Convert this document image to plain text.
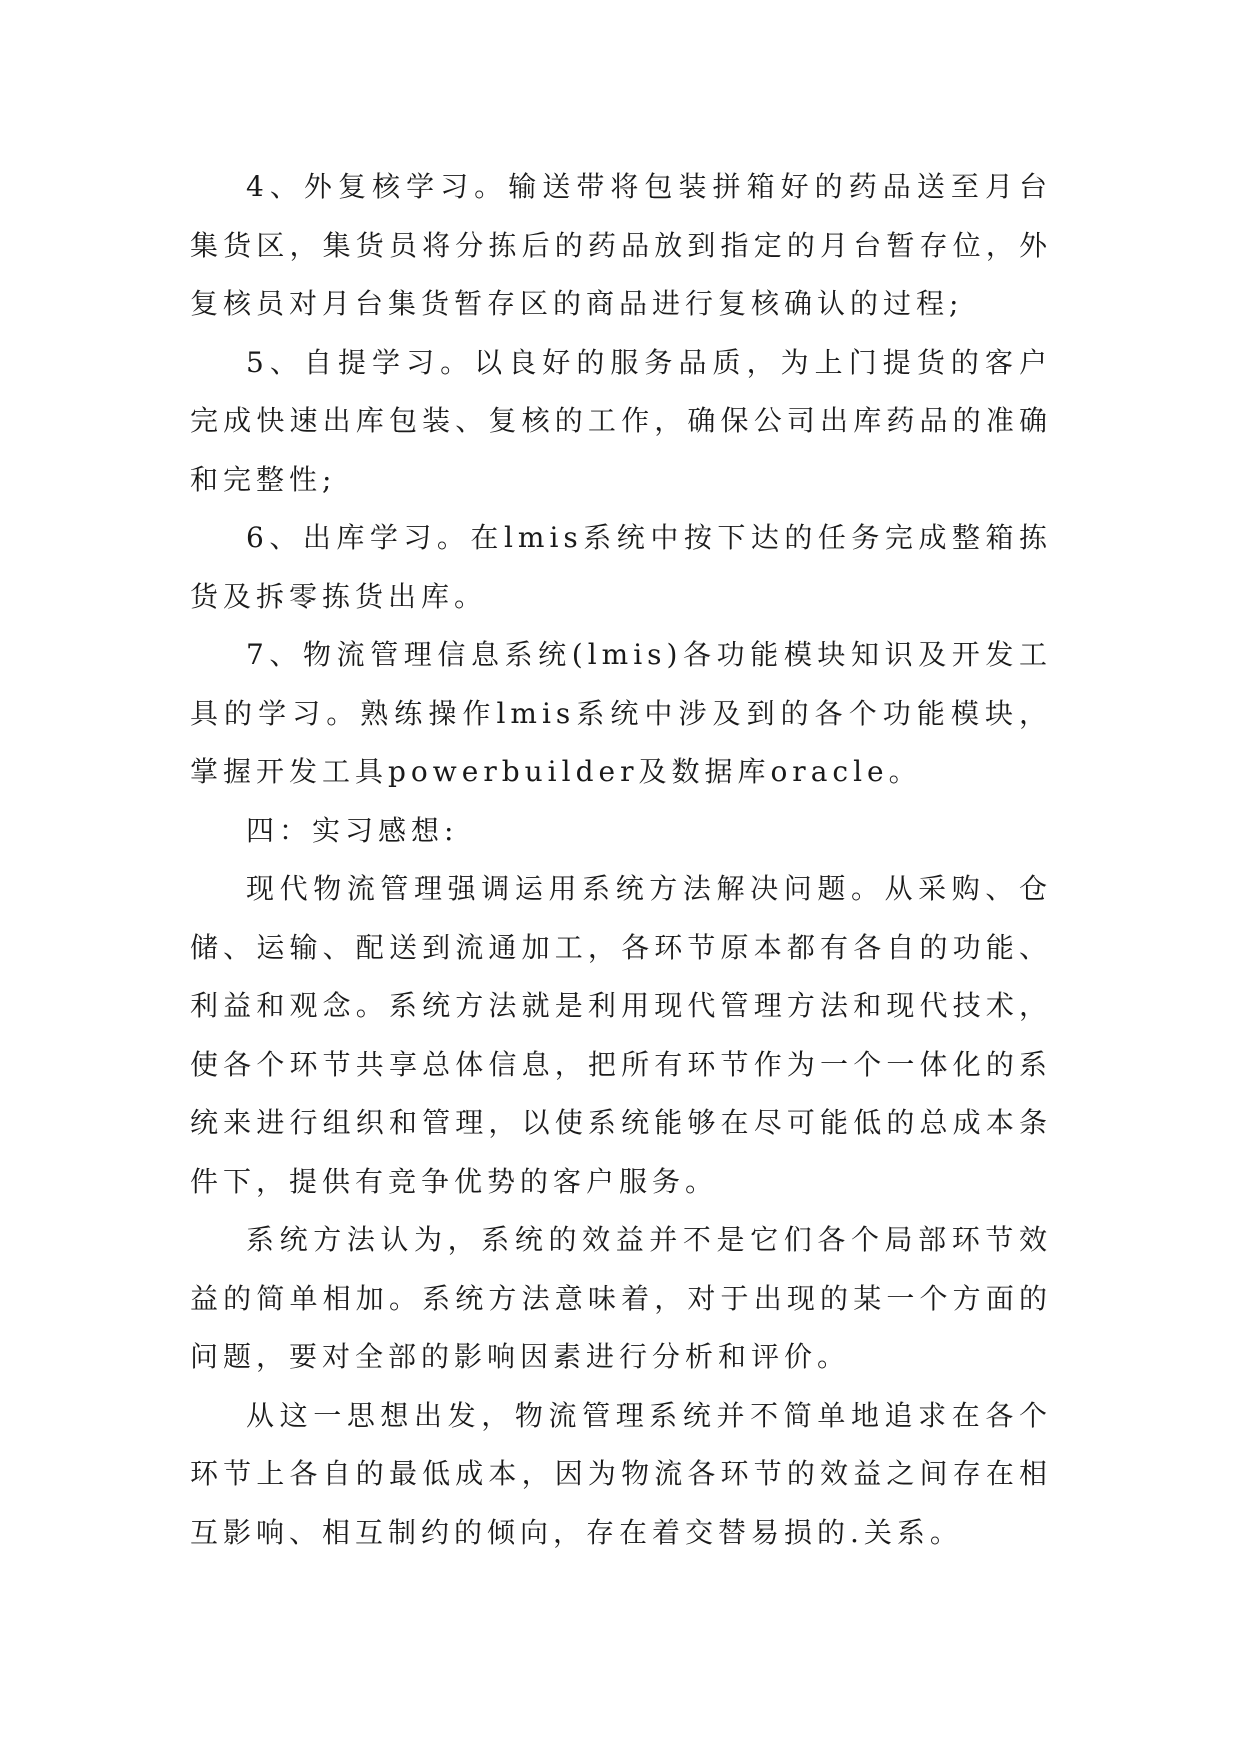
4、外复核学习。输送带将包装拼箱好的药品送至月台集货区，集货员将分拣后的药品放到指定的月台暂存位，外复核员对月台集货暂存区的商品进行复核确认的过程;

5、自提学习。以良好的服务品质，为上门提货的客户完成快速出库包装、复核的工作，确保公司出库药品的准确和完整性;

6、出库学习。在lmis系统中按下达的任务完成整箱拣货及拆零拣货出库。

7、物流管理信息系统(lmis)各功能模块知识及开发工具的学习。熟练操作lmis系统中涉及到的各个功能模块，掌握开发工具powerbuilder及数据库oracle。

四：实习感想:

现代物流管理强调运用系统方法解决问题。从采购、仓储、运输、配送到流通加工，各环节原本都有各自的功能、利益和观念。系统方法就是利用现代管理方法和现代技术，使各个环节共享总体信息，把所有环节作为一个一体化的系统来进行组织和管理，以使系统能够在尽可能低的总成本条件下，提供有竞争优势的客户服务。

系统方法认为，系统的效益并不是它们各个局部环节效益的简单相加。系统方法意味着，对于出现的某一个方面的问题，要对全部的影响因素进行分析和评价。

从这一思想出发，物流管理系统并不简单地追求在各个环节上各自的最低成本，因为物流各环节的效益之间存在相互影响、相互制约的倾向，存在着交替易损的.关系。
